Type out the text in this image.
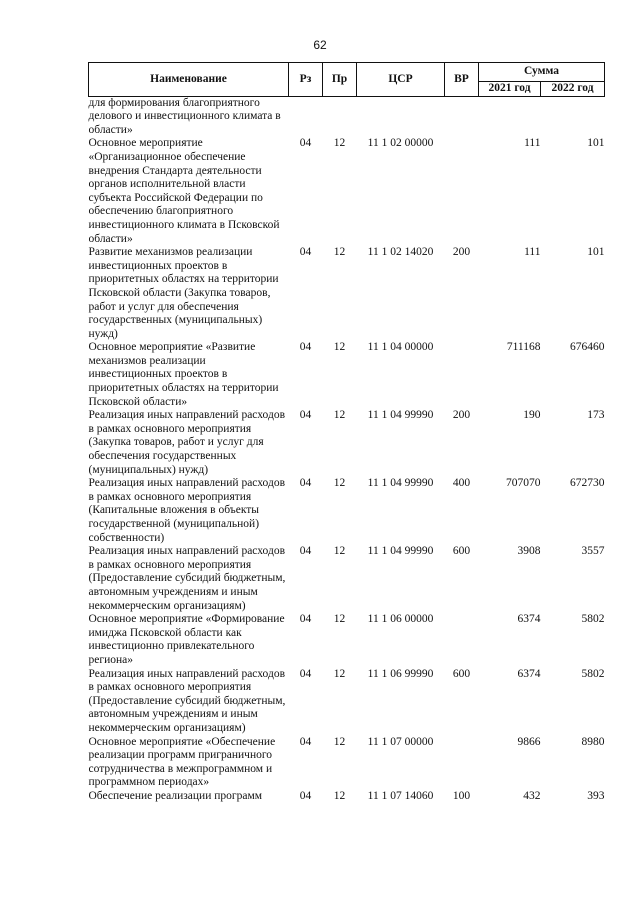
62
Наименование	Рз	Пр	ЦСР	ВР	Сумма	
					2021 год	2022 год
для формирования благоприятного делового и инвестиционного климата в области»						
Основное мероприятие «Организационное обеспечение внедрения Стандарта деятельности органов исполнительной власти субъекта Российской Федерации по обеспечению благоприятного инвестиционного климата в Псковской области»	04	12	11 1 02 00000		111	101
Развитие механизмов реализации инвестиционных проектов в приоритетных областях на территории Псковской области (Закупка товаров, работ и услуг для обеспечения государственных (муниципальных) нужд)	04	12	11 1 02 14020	200	111	101
Основное мероприятие «Развитие механизмов реализации инвестиционных проектов в приоритетных областях на территории Псковской области»	04	12	11 1 04 00000		711168	676460
Реализация иных направлений расходов в рамках основного мероприятия (Закупка товаров, работ и услуг для обеспечения государственных (муниципальных) нужд)	04	12	11 1 04 99990	200	190	173
Реализация иных направлений расходов в рамках основного мероприятия (Капитальные вложения в объекты государственной (муниципальной) собственности)	04	12	11 1 04 99990	400	707070	672730
Реализация иных направлений расходов в рамках основного мероприятия (Предоставление субсидий бюджетным, автономным учреждениям и иным некоммерческим организациям)	04	12	11 1 04 99990	600	3908	3557
Основное мероприятие «Формирование имиджа Псковской области как инвестиционно привлекательного региона»	04	12	11 1 06 00000		6374	5802
Реализация иных направлений расходов в рамках основного мероприятия (Предоставление субсидий бюджетным, автономным учреждениям и иным некоммерческим организациям)	04	12	11 1 06 99990	600	6374	5802
Основное мероприятие «Обеспечение реализации программ приграничного сотрудничества в межпрограммном и программном периодах»	04	12	11 1 07 00000		9866	8980
Обеспечение реализации программ	04	12	11 1 07 14060	100	432	393
